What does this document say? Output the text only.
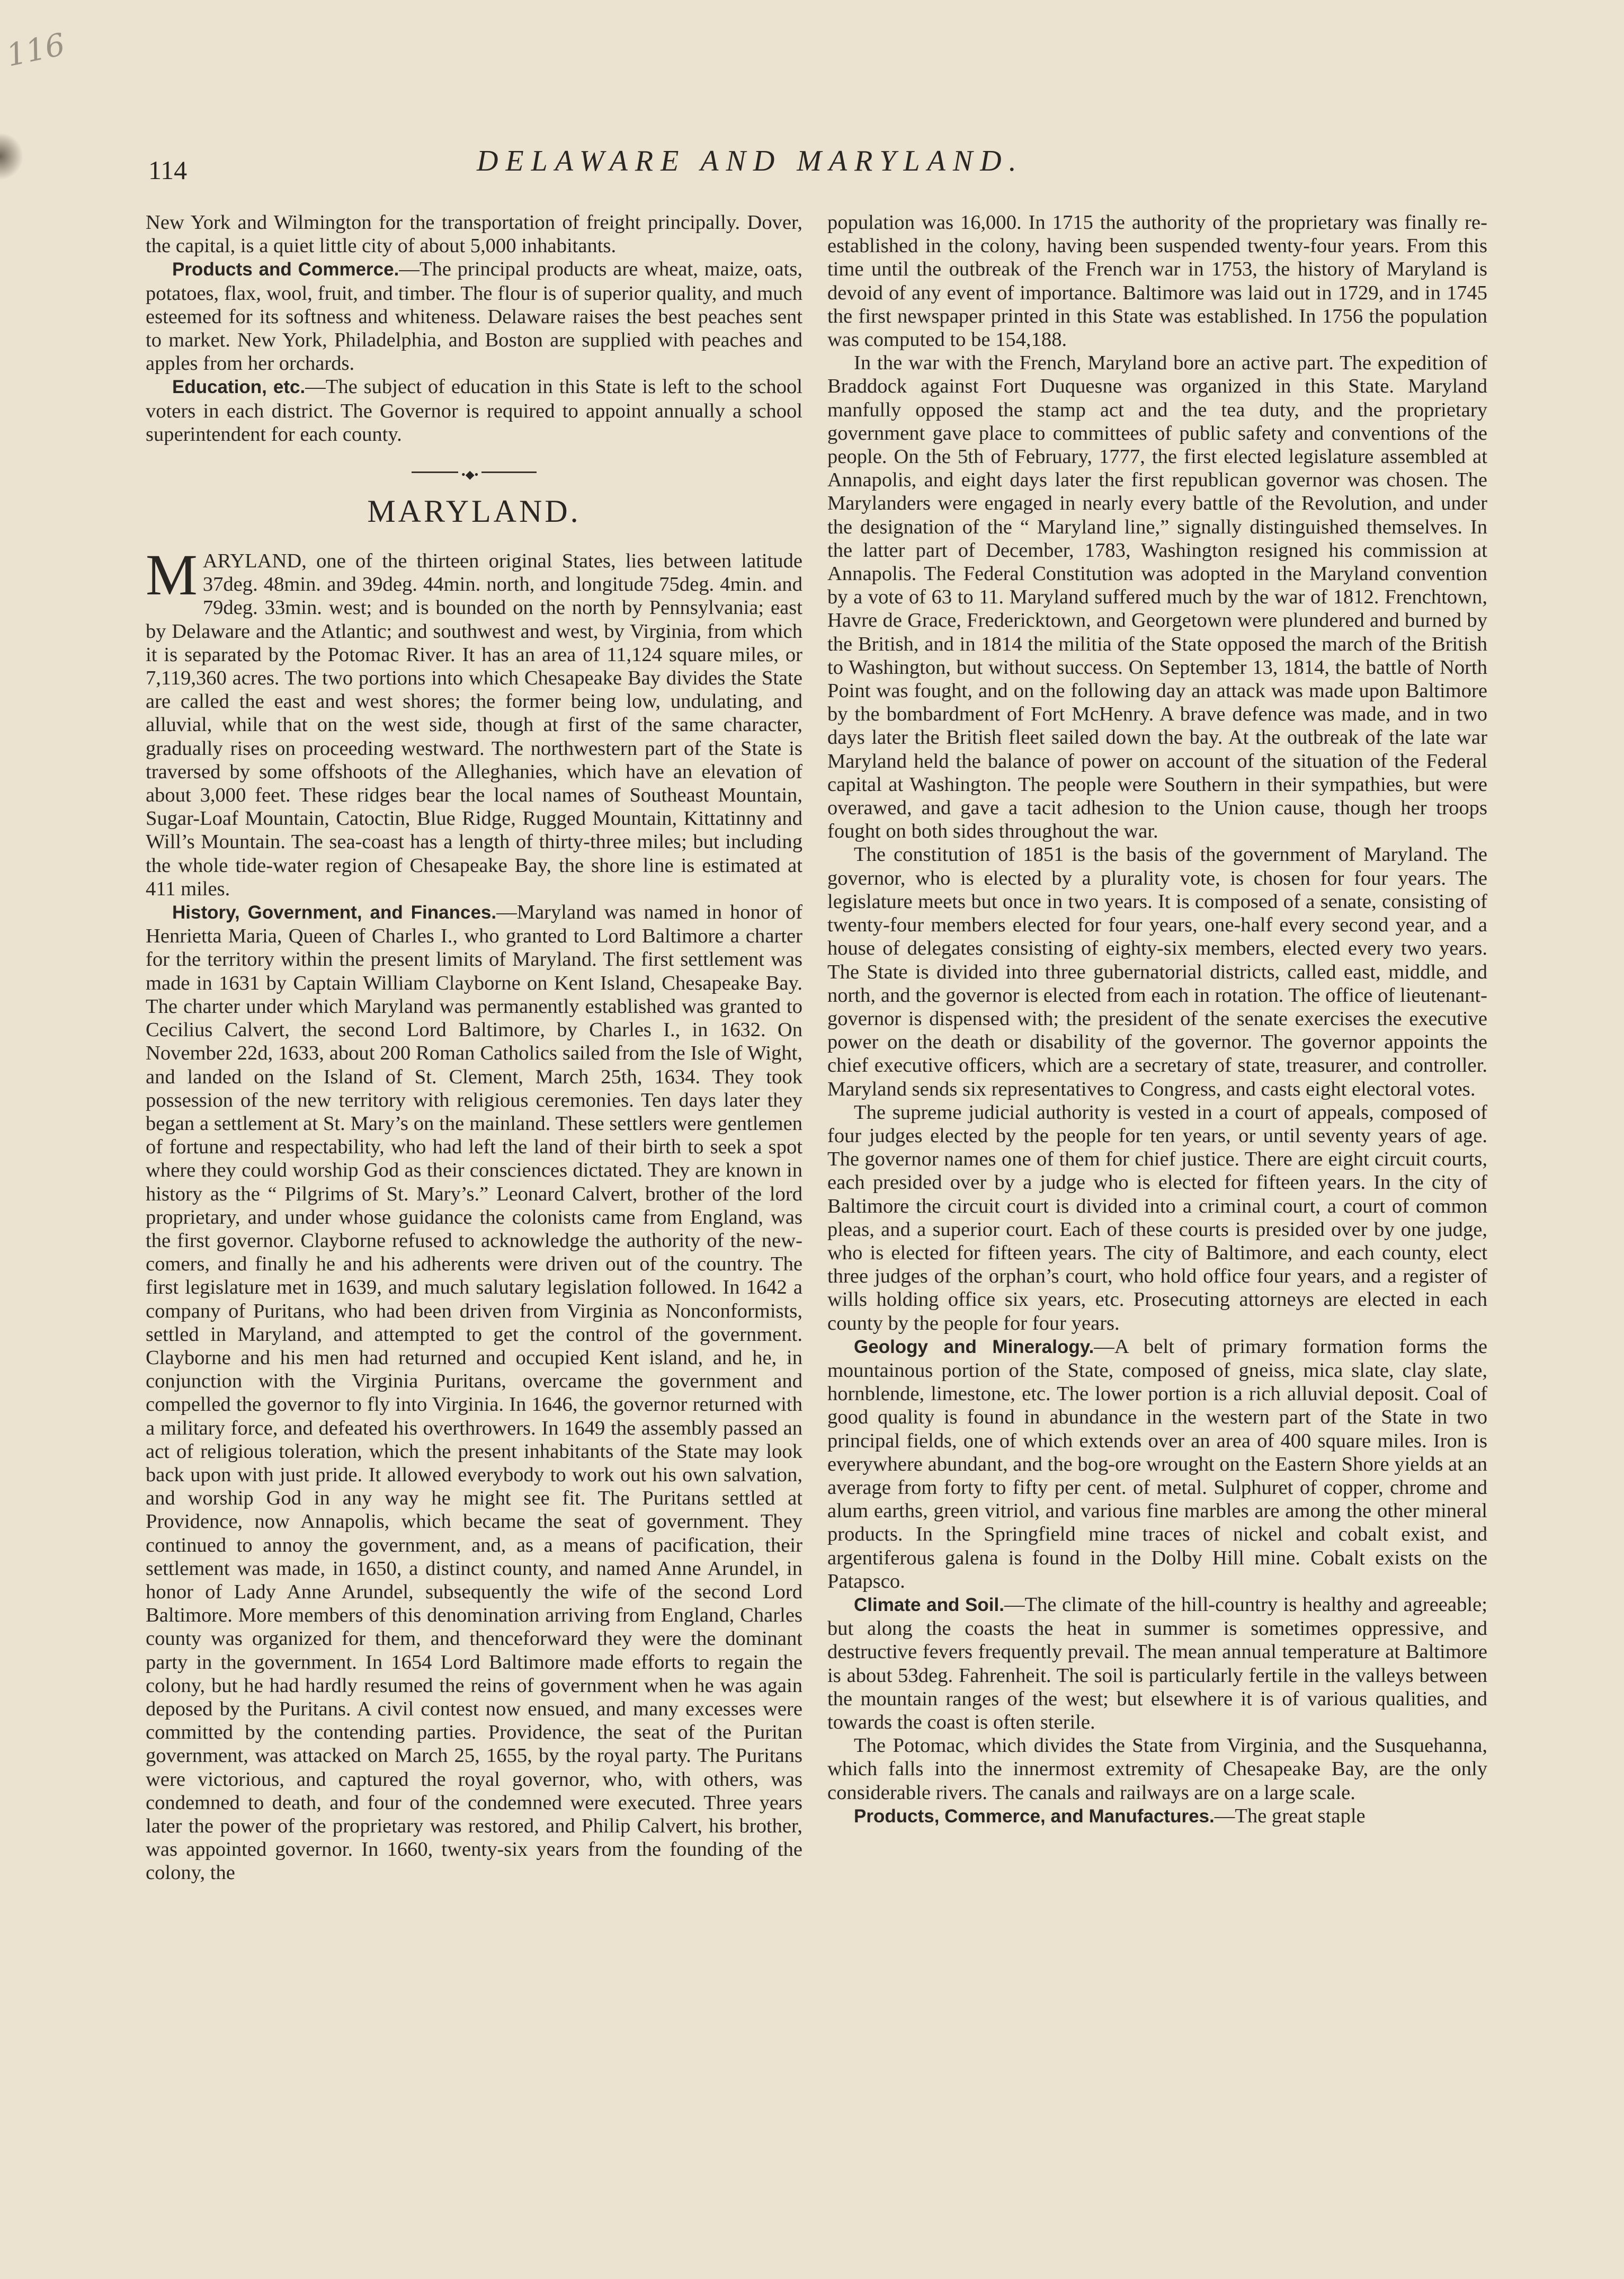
116
114	DELAWARE AND MARYLAND.

New York and Wilmington for the transportation of freight principally. Dover, the capital, is a quiet little city of about 5,000 inhabitants.

Products and Commerce.—The principal products are wheat, maize, oats, potatoes, flax, wool, fruit, and timber. The flour is of superior quality, and much esteemed for its softness and whiteness. Delaware raises the best peaches sent to market. New York, Philadelphia, and Boston are supplied with peaches and apples from her orchards.

Education, etc.—The subject of education in this State is left to the school voters in each district. The Governor is required to appoint annually a school superintendent for each county.

•◆•
MARYLAND.

MARYLAND, one of the thirteen original States, lies between latitude 37deg. 48min. and 39deg. 44min. north, and longitude 75deg. 4min. and 79deg. 33min. west; and is bounded on the north by Pennsylvania; east by Delaware and the Atlantic; and southwest and west, by Virginia, from which it is separated by the Potomac River. It has an area of 11,124 square miles, or 7,119,360 acres. The two portions into which Chesapeake Bay divides the State are called the east and west shores; the former being low, undulating, and alluvial, while that on the west side, though at first of the same character, gradually rises on proceeding westward. The northwestern part of the State is traversed by some offshoots of the Alleghanies, which have an elevation of about 3,000 feet. These ridges bear the local names of Southeast Mountain, Sugar-Loaf Mountain, Catoctin, Blue Ridge, Rugged Mountain, Kittatinny and Will’s Mountain. The sea-coast has a length of thirty-three miles; but including the whole tide-water region of Chesapeake Bay, the shore line is estimated at 411 miles.

History, Government, and Finances.—Maryland was named in honor of Henrietta Maria, Queen of Charles I., who granted to Lord Baltimore a charter for the territory within the present limits of Maryland. The first settlement was made in 1631 by Captain William Clayborne on Kent Island, Chesapeake Bay. The charter under which Maryland was permanently established was granted to Cecilius Calvert, the second Lord Baltimore, by Charles I., in 1632. On November 22d, 1633, about 200 Roman Catholics sailed from the Isle of Wight, and landed on the Island of St. Clement, March 25th, 1634. They took possession of the new territory with religious ceremonies. Ten days later they began a settlement at St. Mary’s on the mainland. These settlers were gentlemen of fortune and respectability, who had left the land of their birth to seek a spot where they could worship God as their consciences dictated. They are known in history as the “ Pilgrims of St. Mary’s.” Leonard Calvert, brother of the lord proprietary, and under whose guidance the colonists came from England, was the first governor. Clayborne refused to acknowledge the authority of the new-comers, and finally he and his adherents were driven out of the country. The first legislature met in 1639, and much salutary legislation followed. In 1642 a company of Puritans, who had been driven from Virginia as Nonconformists, settled in Maryland, and attempted to get the control of the government. Clayborne and his men had returned and occupied Kent island, and he, in conjunction with the Virginia Puritans, overcame the government and compelled the governor to fly into Virginia. In 1646, the governor returned with a military force, and defeated his overthrowers. In 1649 the assembly passed an act of religious toleration, which the present inhabitants of the State may look back upon with just pride. It allowed everybody to work out his own salvation, and worship God in any way he might see fit. The Puritans settled at Providence, now Annapolis, which became the seat of government. They continued to annoy the government, and, as a means of pacification, their settlement was made, in 1650, a distinct county, and named Anne Arundel, in honor of Lady Anne Arundel, subsequently the wife of the second Lord Baltimore. More members of this denomination arriving from England, Charles county was organized for them, and thenceforward they were the dominant party in the government. In 1654 Lord Baltimore made efforts to regain the colony, but he had hardly resumed the reins of government when he was again deposed by the Puritans. A civil contest now ensued, and many excesses were committed by the contending parties. Providence, the seat of the Puritan government, was attacked on March 25, 1655, by the royal party. The Puritans were victorious, and captured the royal governor, who, with others, was condemned to death, and four of the condemned were executed. Three years later the power of the proprietary was restored, and Philip Calvert, his brother, was appointed governor. In 1660, twenty-six years from the founding of the colony, the

population was 16,000. In 1715 the authority of the proprietary was finally re-established in the colony, having been suspended twenty-four years. From this time until the outbreak of the French war in 1753, the history of Maryland is devoid of any event of importance. Baltimore was laid out in 1729, and in 1745 the first newspaper printed in this State was established. In 1756 the population was computed to be 154,188.

In the war with the French, Maryland bore an active part. The expedition of Braddock against Fort Duquesne was organized in this State. Maryland manfully opposed the stamp act and the tea duty, and the proprietary government gave place to committees of public safety and conventions of the people. On the 5th of February, 1777, the first elected legislature assembled at Annapolis, and eight days later the first republican governor was chosen. The Marylanders were engaged in nearly every battle of the Revolution, and under the designation of the “ Maryland line,” signally distinguished themselves. In the latter part of December, 1783, Washington resigned his commission at Annapolis. The Federal Constitution was adopted in the Maryland convention by a vote of 63 to 11. Maryland suffered much by the war of 1812. Frenchtown, Havre de Grace, Fredericktown, and Georgetown were plundered and burned by the British, and in 1814 the militia of the State opposed the march of the British to Washington, but without success. On September 13, 1814, the battle of North Point was fought, and on the following day an attack was made upon Baltimore by the bombardment of Fort McHenry. A brave defence was made, and in two days later the British fleet sailed down the bay. At the outbreak of the late war Maryland held the balance of power on account of the situation of the Federal capital at Washington. The people were Southern in their sympathies, but were overawed, and gave a tacit adhesion to the Union cause, though her troops fought on both sides throughout the war.

The constitution of 1851 is the basis of the government of Maryland. The governor, who is elected by a plurality vote, is chosen for four years. The legislature meets but once in two years. It is composed of a senate, consisting of twenty-four members elected for four years, one-half every second year, and a house of delegates consisting of eighty-six members, elected every two years. The State is divided into three gubernatorial districts, called east, middle, and north, and the governor is elected from each in rotation. The office of lieutenant-governor is dispensed with; the president of the senate exercises the executive power on the death or disability of the governor. The governor appoints the chief executive officers, which are a secretary of state, treasurer, and controller. Maryland sends six representatives to Congress, and casts eight electoral votes.

The supreme judicial authority is vested in a court of appeals, composed of four judges elected by the people for ten years, or until seventy years of age. The governor names one of them for chief justice. There are eight circuit courts, each presided over by a judge who is elected for fifteen years. In the city of Baltimore the circuit court is divided into a criminal court, a court of common pleas, and a superior court. Each of these courts is presided over by one judge, who is elected for fifteen years. The city of Baltimore, and each county, elect three judges of the orphan’s court, who hold office four years, and a register of wills holding office six years, etc. Prosecuting attorneys are elected in each county by the people for four years.

Geology and Mineralogy.—A belt of primary formation forms the mountainous portion of the State, composed of gneiss, mica slate, clay slate, hornblende, limestone, etc. The lower portion is a rich alluvial deposit. Coal of good quality is found in abundance in the western part of the State in two principal fields, one of which extends over an area of 400 square miles. Iron is everywhere abundant, and the bog-ore wrought on the Eastern Shore yields at an average from forty to fifty per cent. of metal. Sulphuret of copper, chrome and alum earths, green vitriol, and various fine marbles are among the other mineral products. In the Springfield mine traces of nickel and cobalt exist, and argentiferous galena is found in the Dolby Hill mine. Cobalt exists on the Patapsco.

Climate and Soil.—The climate of the hill-country is healthy and agreeable; but along the coasts the heat in summer is sometimes oppressive, and destructive fevers frequently prevail. The mean annual temperature at Baltimore is about 53deg. Fahrenheit. The soil is particularly fertile in the valleys between the mountain ranges of the west; but elsewhere it is of various qualities, and towards the coast is often sterile.

The Potomac, which divides the State from Virginia, and the Susquehanna, which falls into the innermost extremity of Chesapeake Bay, are the only considerable rivers. The canals and railways are on a large scale.

Products, Commerce, and Manufactures.—The great staple
